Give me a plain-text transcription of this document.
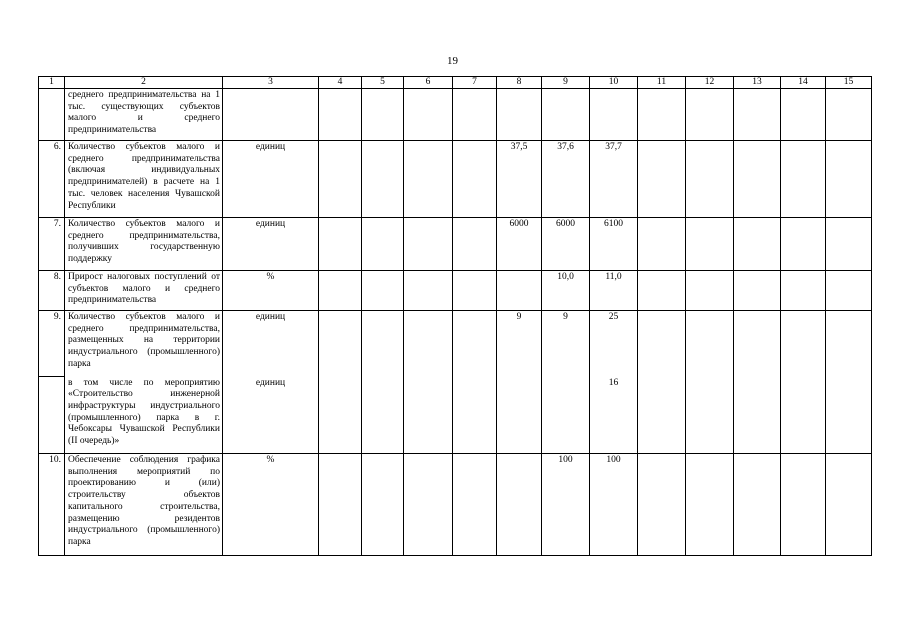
19
1	2	3	4	5	6	7	8	9	10	11	12	13	14	15
	среднего предпринимательства на 1 тыс. существующих субъектов малого и среднего предпринимательства													
6.	Количество субъектов малого и среднего предпринимательства (включая индивидуальных предпринимателей) в расчете на 1 тыс. человек населения Чувашской Республики	единиц					37,5	37,6	37,7					
7.	Количество субъектов малого и среднего предпринимательства, получивших государственную поддержку	единиц					6000	6000	6100					
8.	Прирост налоговых поступлений от субъектов малого и среднего предпринимательства	%						10,0	11,0					
9.	Количество субъектов малого и среднего предпринимательства, размещенных на территории индустриального (промышленного) парка	единиц					9	9	25					
	в том числе по мероприятию «Строительство инженерной инфраструктуры индустриального (промышленного) парка в г. Чебоксары Чувашской Республики (II очередь)»	единиц							16					
10.	Обеспечение соблюдения графика выполнения мероприятий по проектированию и (или) строительству объектов капитального строительства, размещению резидентов индустриального (промышленного) парка	%						100	100					
